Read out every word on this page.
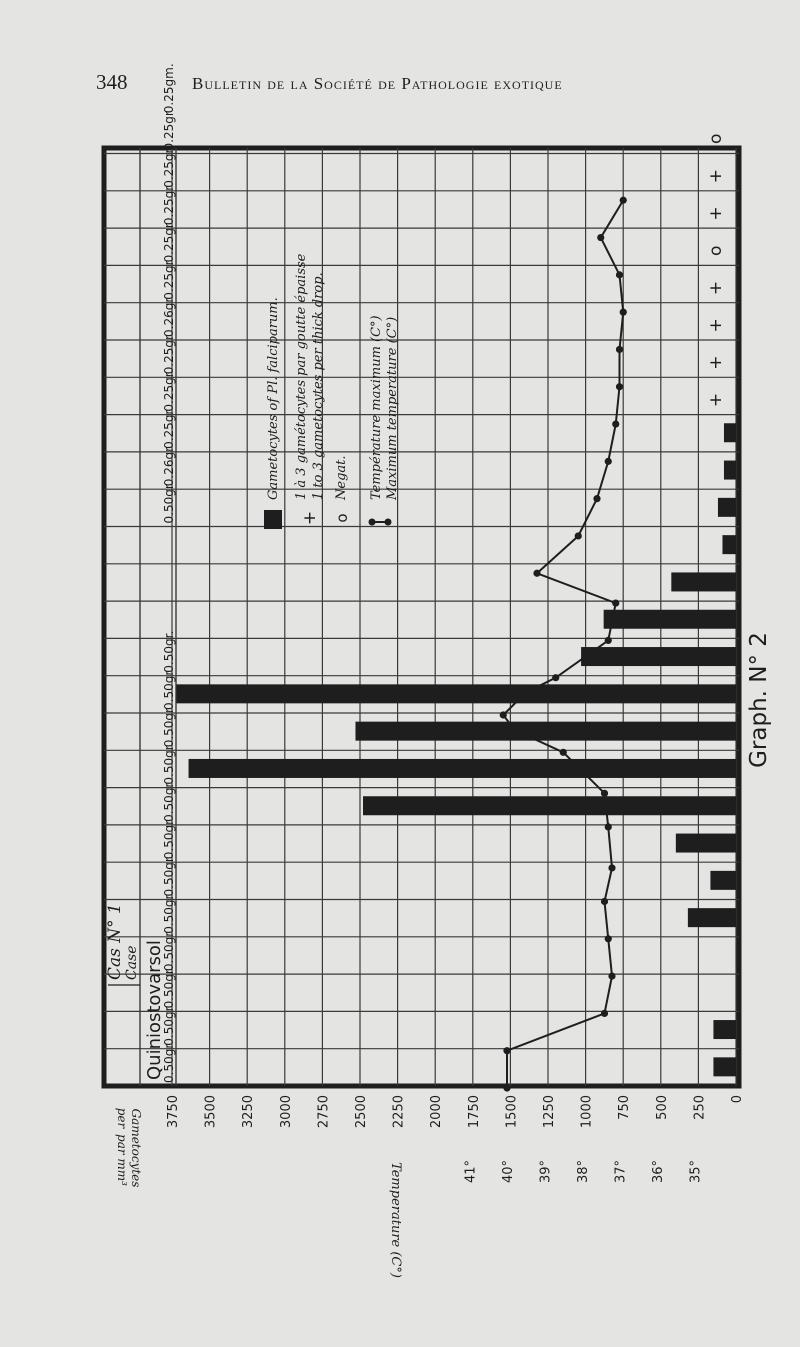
348	Bulletin de la Société de Pathologie exotique
+
+
+
+
o
+
+
o
0
250
500
750
1000
1250
1500
1750
2000
2250
2500
2750
3000
3250
3500
3750
35°
36°
37°
38°
39°
40°
41°
Temperature (C°)
Gametocytes
par mm³
per
Quiniostovarsol
Cas N° 1 Case
0.50gr
0.50gr
0.50gr
0.50gr
0.50gr
0.50gr
0.50gr
0.50gr
0.50gr
0.50gr
0.50gr
0.50gr.
0.50gr
0.26gr
0.25gr
0.25gr
0.25gr
0.26gr
0.25gr
0.25gr
0.25gr
0.25gr
0.25gr
0.25gm.
Gametocytes of Pl. falciparum.
+
1 à 3 gamétocytes par goutte épaisse 1 to 3 gametocytes per thick drop.
o
Negat. Température maximum (C°) Maximum temperature (C°)
Graph. N° 2
